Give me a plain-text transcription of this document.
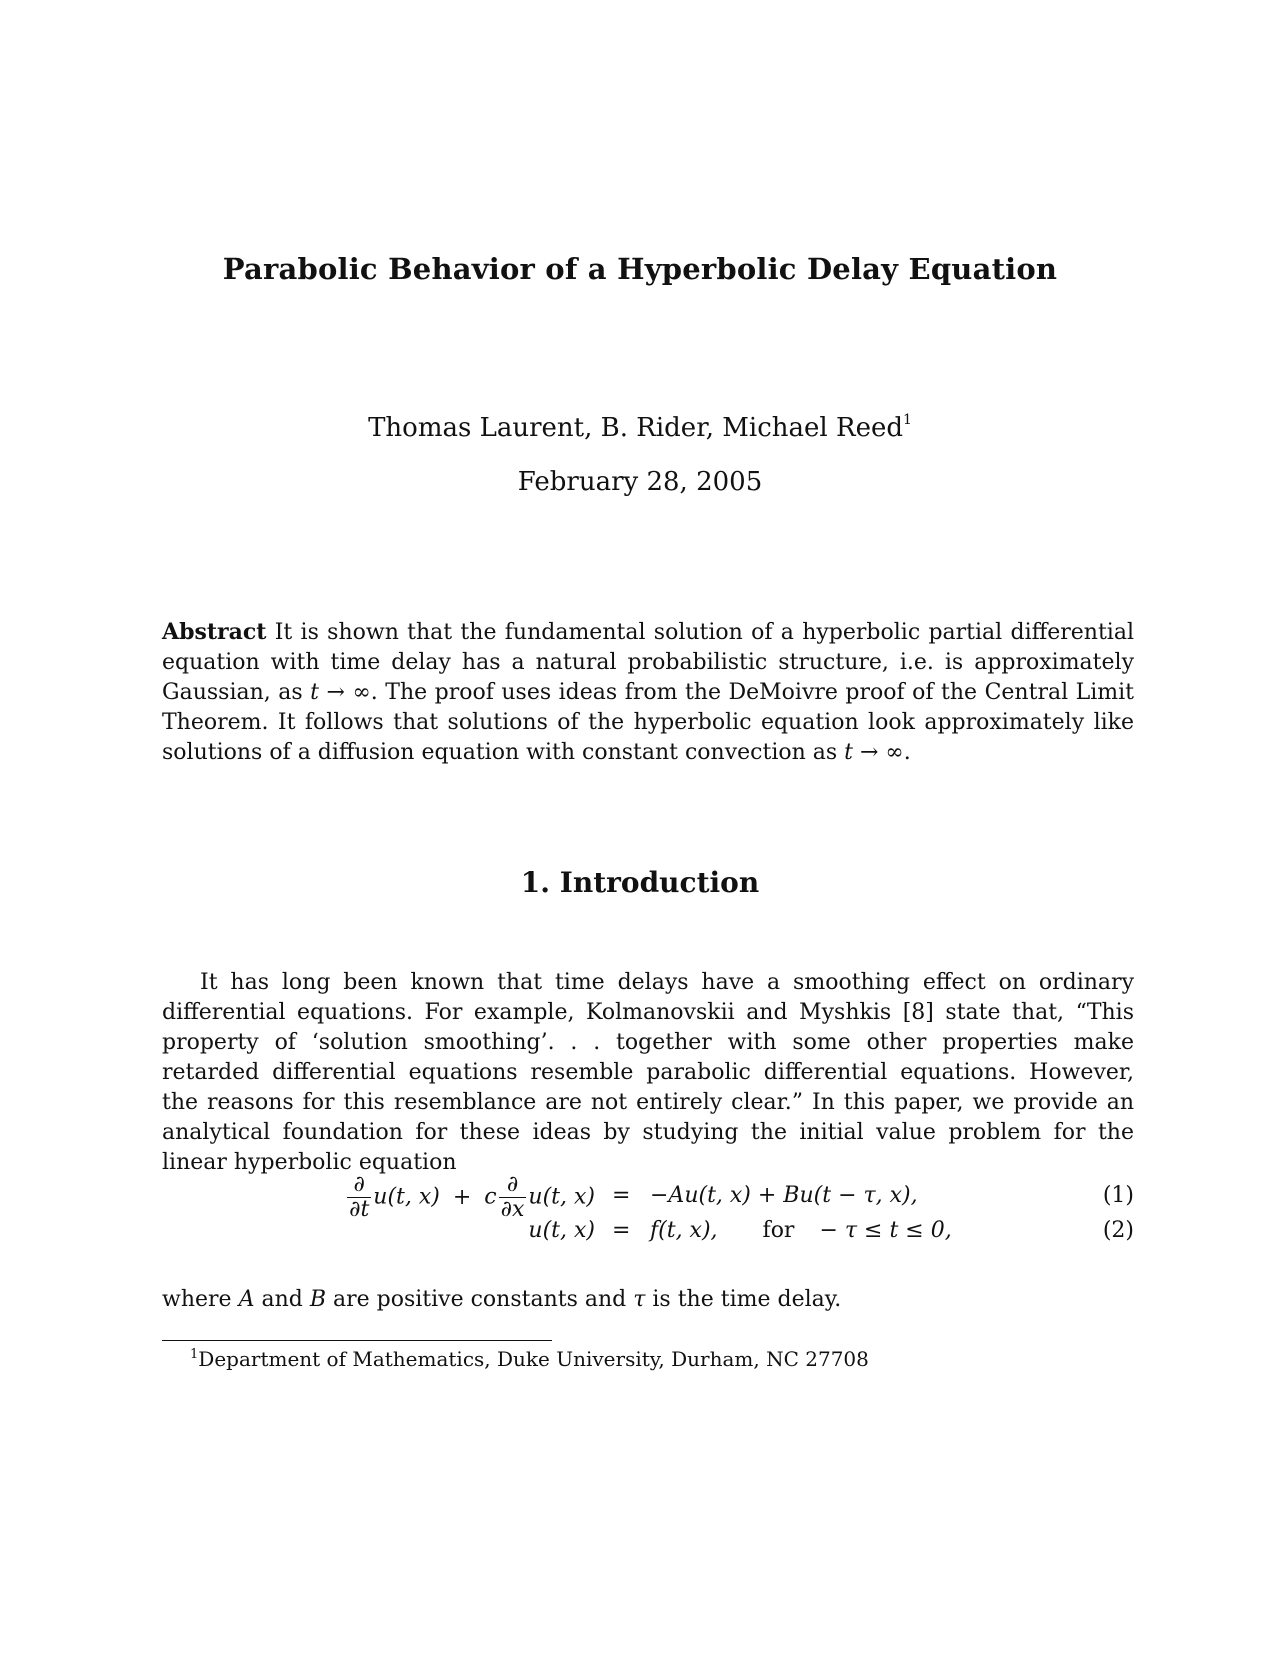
Parabolic Behavior of a Hyperbolic Delay Equation
Thomas Laurent, B. Rider, Michael Reed$^1$
February 28, 2005
Abstract It is shown that the fundamental solution of a hyperbolic partial differential equation with time delay has a natural probabilistic structure, i.e. is approximately Gaussian, as t → ∞. The proof uses ideas from the DeMoivre proof of the Central Limit Theorem. It follows that solutions of the hyperbolic equation look approximately like solutions of a diffusion equation with constant convection as t → ∞.
1. Introduction
It has long been known that time delays have a smoothing effect on ordinary differential equations. For example, Kolmanovskii and Myshkis [8] state that, “This property of ‘solution smoothing’. . . together with some other properties make retarded differential equations resemble parabolic differential equations. However, the reasons for this resemblance are not entirely clear.” In this paper, we provide an analytical foundation for these ideas by studying the initial value problem for the linear hyperbolic equation
$\frac{\partial}{\partial t} u(t$, x) + c $\frac{\partial}{\partial x} u(t$, x) = −Au(t, x) + Bu(t − τ, x),	(1)
u(t, x) = f(t, x), for − τ ≤ t ≤ 0,	(2)
where A and B are positive constants and τ is the time delay.
$^1$Department of Mathematics, Duke University, Durham, NC 27708
